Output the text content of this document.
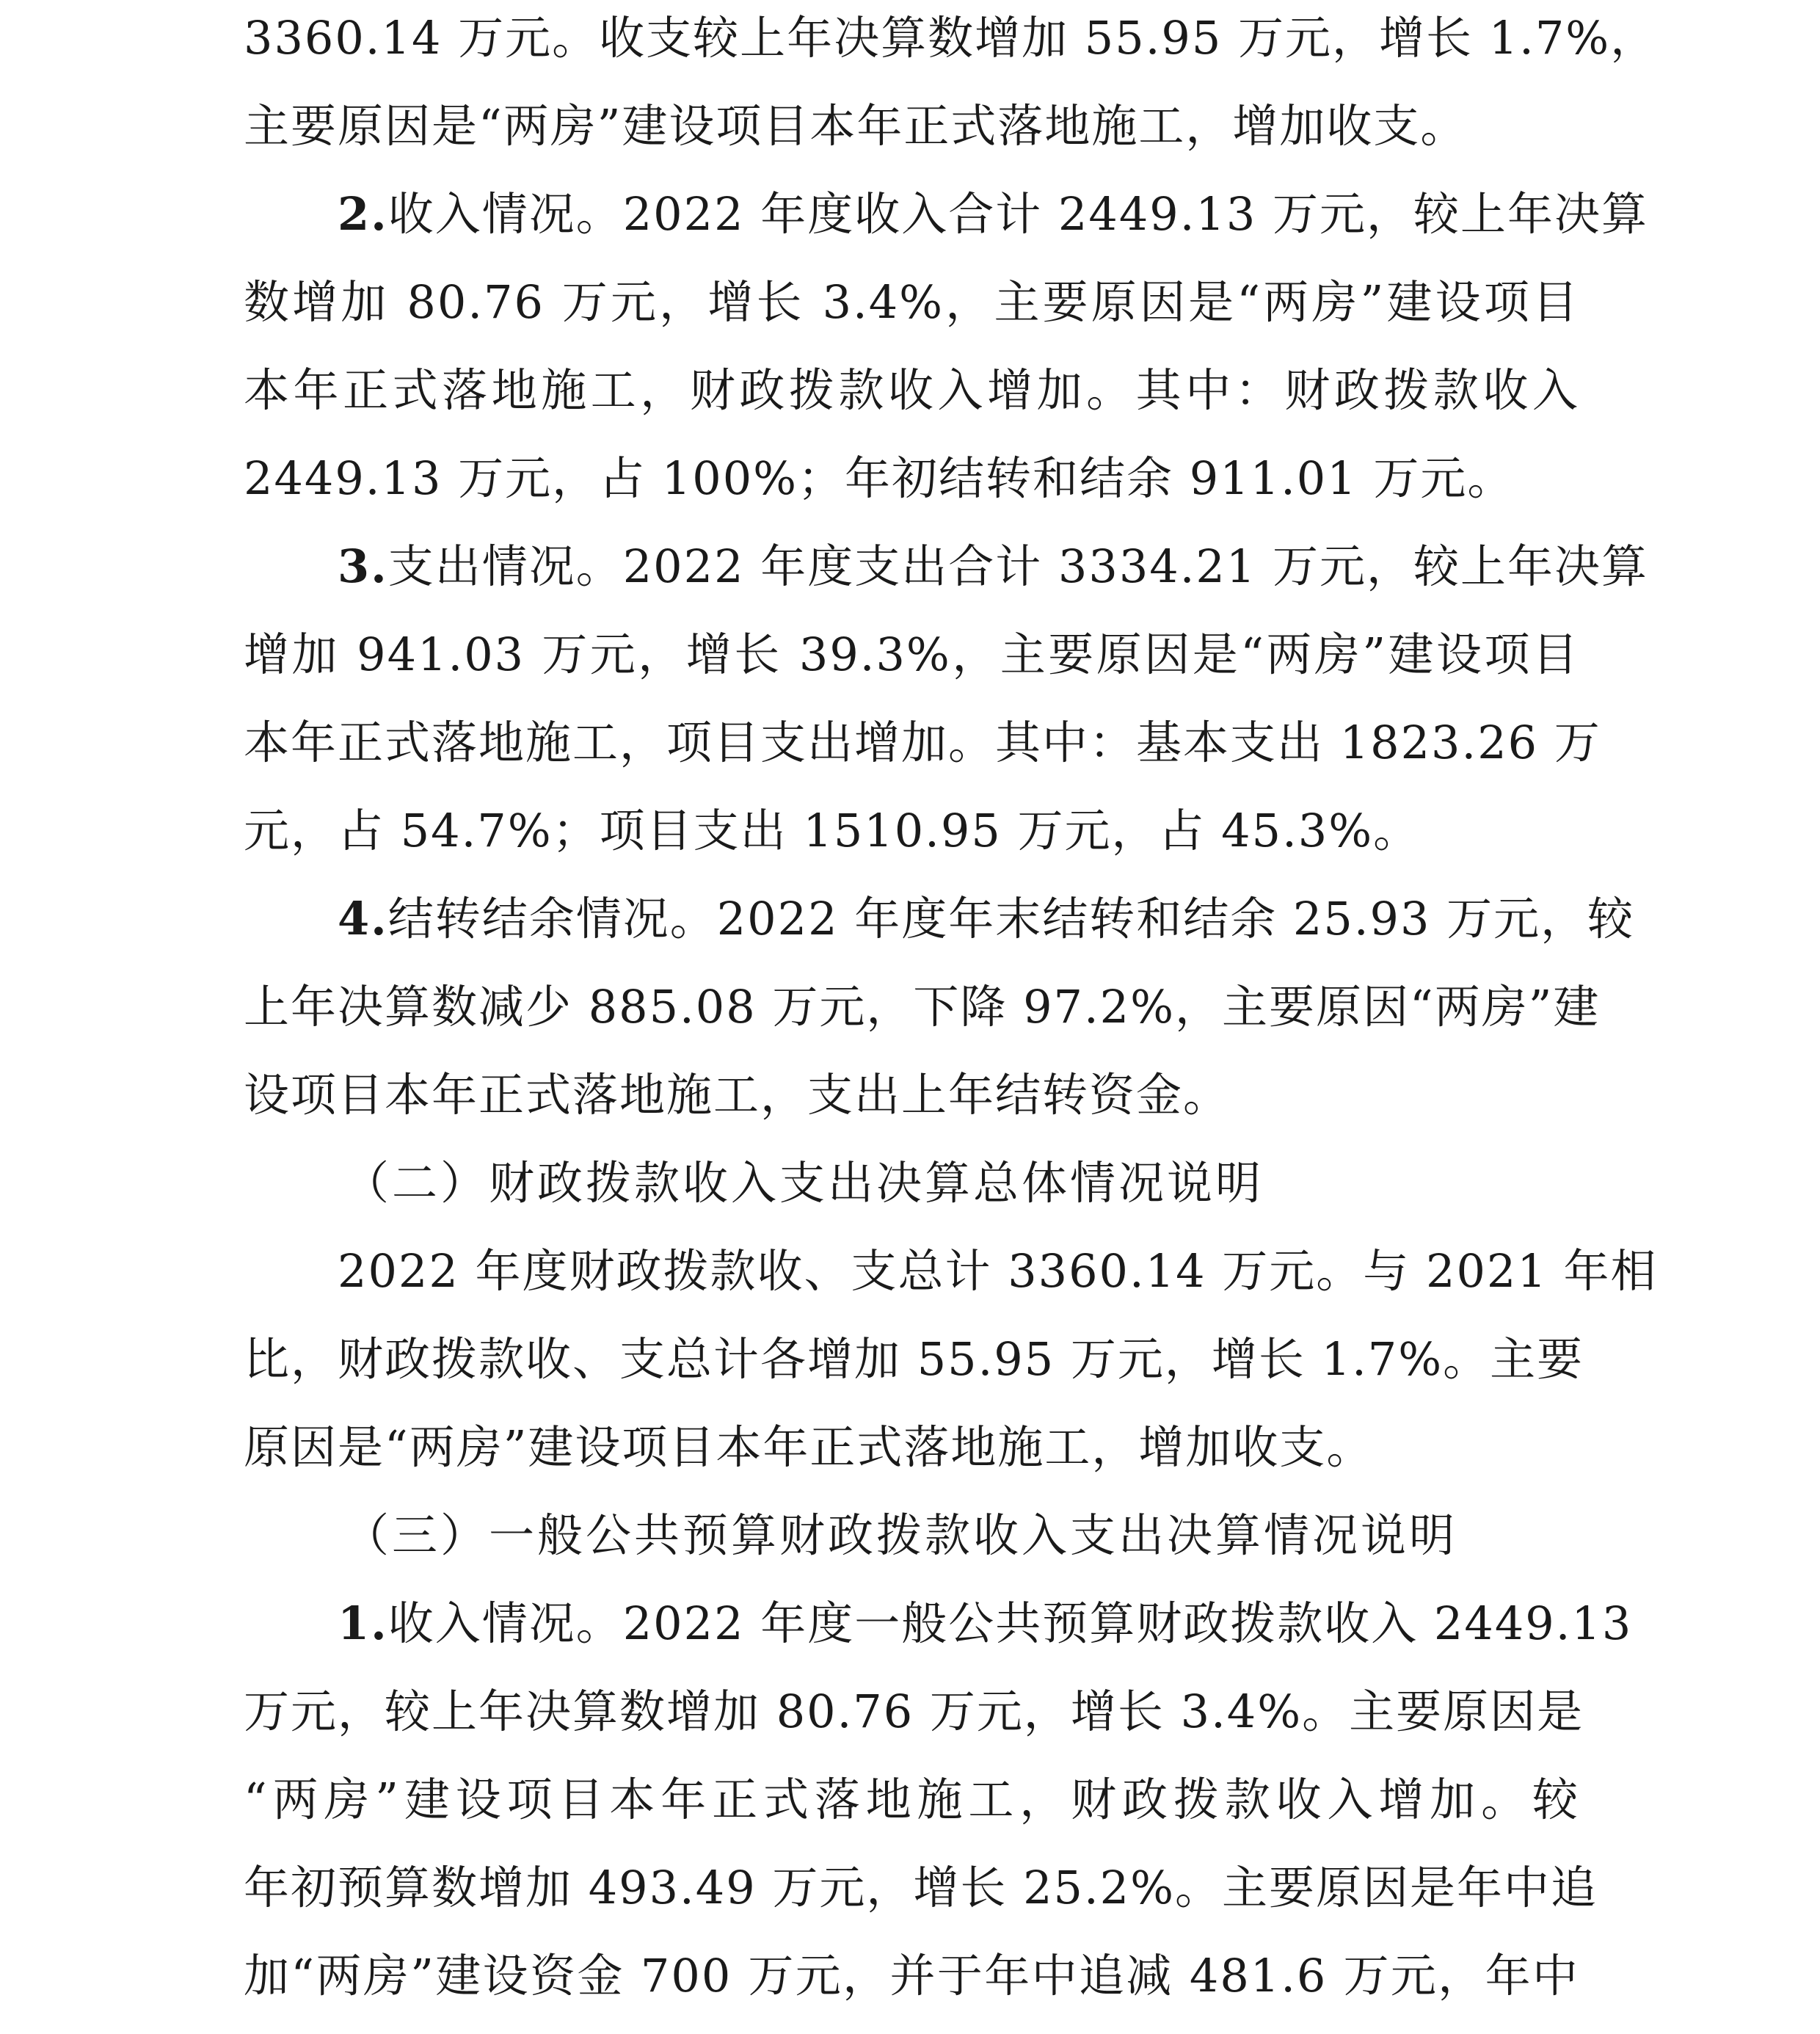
3360.14 万元。收支较上年决算数增加 55.95 万元，增长 1.7%，
主要原因是“两房”建设项目本年正式落地施工，增加收支。
2.收入情况。2022 年度收入合计 2449.13 万元，较上年决算
数增加 80.76 万元，增长 3.4%，主要原因是“两房”建设项目
本年正式落地施工，财政拨款收入增加。其中：财政拨款收入
2449.13 万元，占 100%；年初结转和结余 911.01 万元。
3.支出情况。2022 年度支出合计 3334.21 万元，较上年决算
增加 941.03 万元，增长 39.3%，主要原因是“两房”建设项目
本年正式落地施工，项目支出增加。其中：基本支出 1823.26 万
元，占 54.7%；项目支出 1510.95 万元，占 45.3%。
4.结转结余情况。2022 年度年末结转和结余 25.93 万元，较
上年决算数减少 885.08 万元，下降 97.2%，主要原因“两房”建
设项目本年正式落地施工，支出上年结转资金。
（二）财政拨款收入支出决算总体情况说明
2022 年度财政拨款收、支总计 3360.14 万元。与 2021 年相
比，财政拨款收、支总计各增加 55.95 万元，增长 1.7%。主要
原因是“两房”建设项目本年正式落地施工，增加收支。
（三）一般公共预算财政拨款收入支出决算情况说明
1.收入情况。2022 年度一般公共预算财政拨款收入 2449.13
万元，较上年决算数增加 80.76 万元，增长 3.4%。主要原因是
“两房”建设项目本年正式落地施工，财政拨款收入增加。较
年初预算数增加 493.49 万元，增长 25.2%。主要原因是年中追
加“两房”建设资金 700 万元，并于年中追减 481.6 万元，年中
